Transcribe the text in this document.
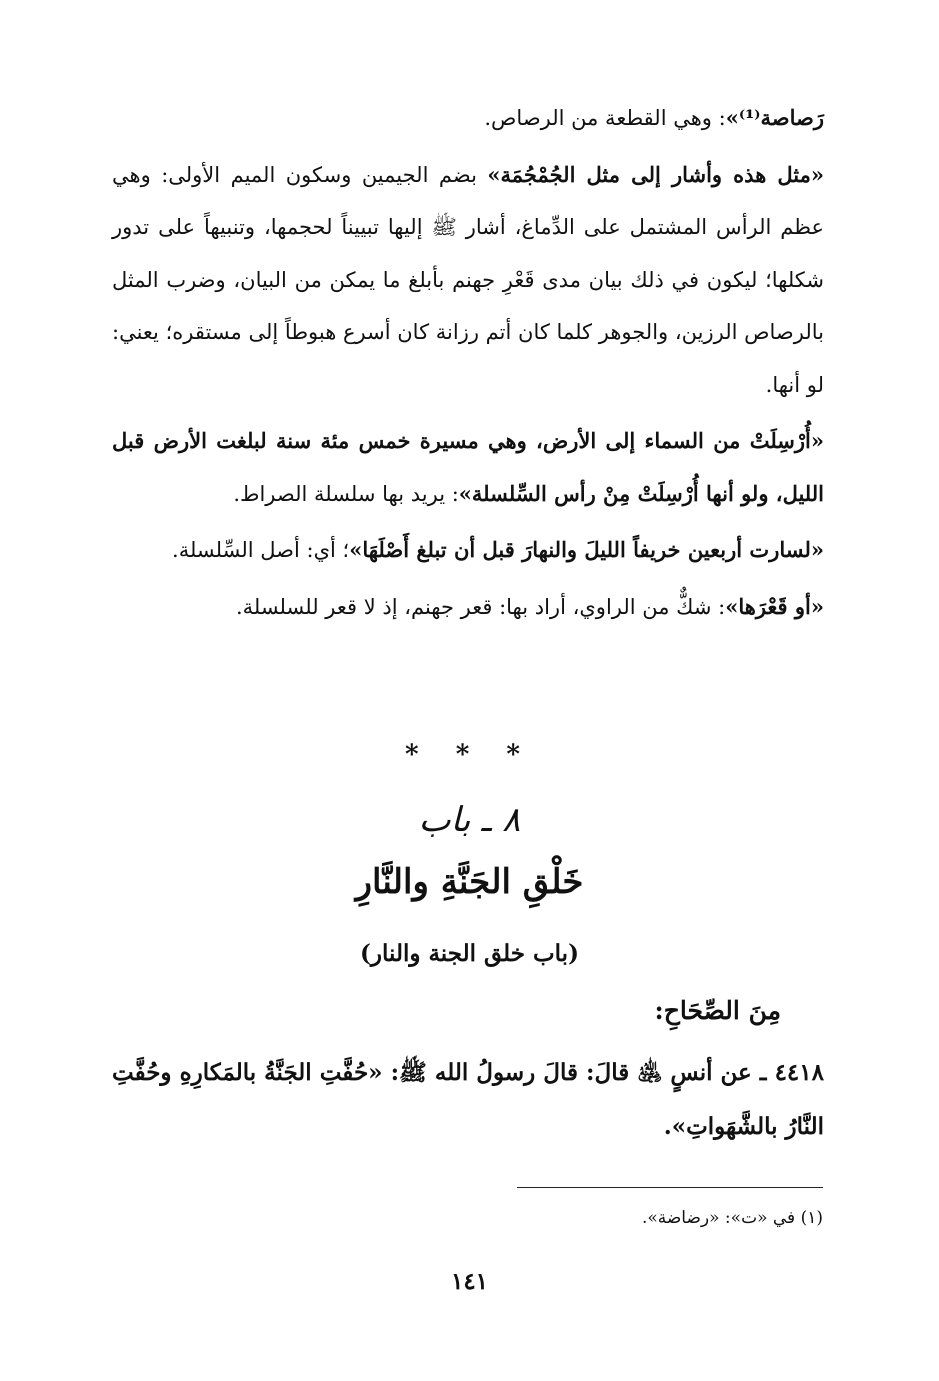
رَصاصة⁽¹⁾»: وهي القطعة من الرصاص.

«مثل هذه وأشار إلى مثل الجُمْجُمَة» بضم الجيمين وسكون الميم الأولى: وهي عظم الرأس المشتمل على الدِّماغ، أشار ﷺ إليها تبييناً لحجمها، وتنبيهاً على تدور شكلها؛ ليكون في ذلك بيان مدى قَعْرِ جهنم بأبلغ ما يمكن من البيان، وضرب المثل بالرصاص الرزين، والجوهر كلما كان أتم رزانة كان أسرع هبوطاً إلى مستقره؛ يعني: لو أنها.

«أُرْسِلَتْ من السماء إلى الأرض، وهي مسيرة خمس مئة سنة لبلغت الأرض قبل الليل، ولو أنها أُرْسِلَتْ مِنْ رأس السِّلسلة»: يريد بها سلسلة الصراط.

«لسارت أربعين خريفاً الليلَ والنهارَ قبل أن تبلغ أَصْلَهَا»؛ أي: أصل السِّلسلة.

«أو قَعْرَها»: شكٌّ من الراوي، أراد بها: قعر جهنم، إذ لا قعر للسلسلة.

* * *
٨ ـ باب
خَلْقِ الجَنَّةِ والنَّارِ
(باب خلق الجنة والنار)
مِنَ الصِّحَاحِ:
٤٤١٨ ـ عن أنسٍ ﵁ قالَ: قالَ رسولُ الله ﷺ: «حُفَّتِ الجَنَّةُ بالمَكارِهِ وحُفَّتِ النَّارُ بالشَّهَواتِ».
(١) في «ت»: «رضاضة».
١٤١
